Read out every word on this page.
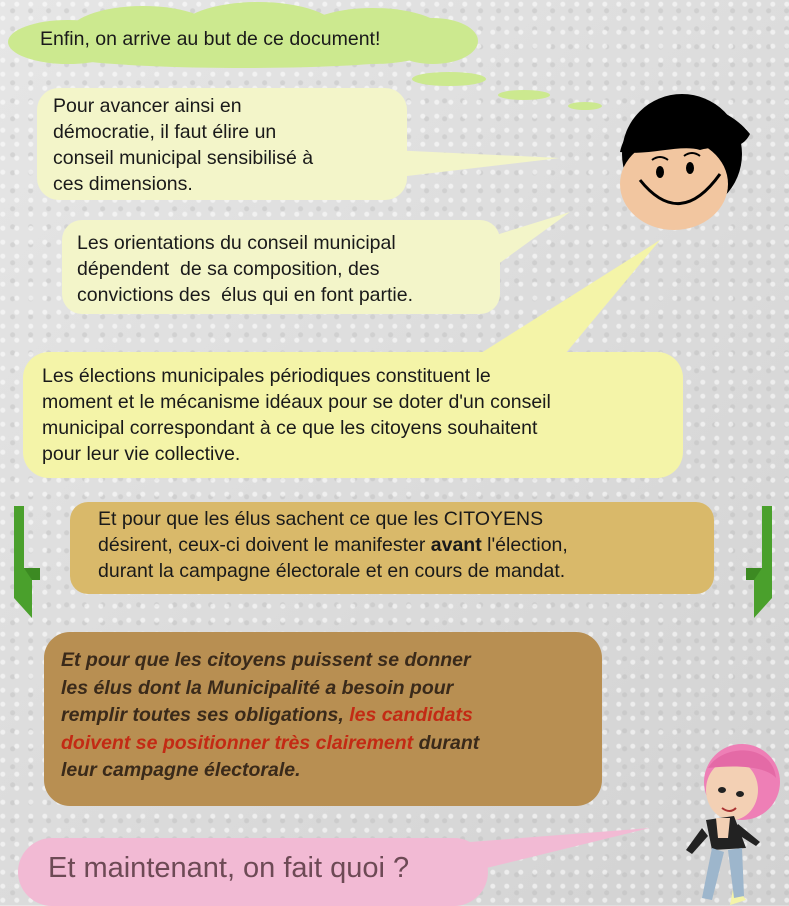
Enfin, on arrive au but de ce document!
Pour avancer ainsi en
démocratie, il faut élire un
conseil municipal sensibilisé à
ces dimensions.
Les orientations du conseil municipal
dépendent  de sa composition, des
convictions des  élus qui en font partie.
Les élections municipales périodiques constituent le
moment et le mécanisme idéaux pour se doter d'un conseil
municipal correspondant à ce que les citoyens souhaitent
pour leur vie collective.
Et pour que les élus sachent ce que les CITOYENS
désirent, ceux-ci doivent le manifester avant l'élection,
durant la campagne électorale et en cours de mandat.
Et pour que les citoyens puissent se donner
les élus dont la Municipalité a besoin pour
remplir toutes ses obligations, les candidats
doivent se positionner très clairement durant
leur campagne électorale.
Et maintenant, on fait quoi ?
